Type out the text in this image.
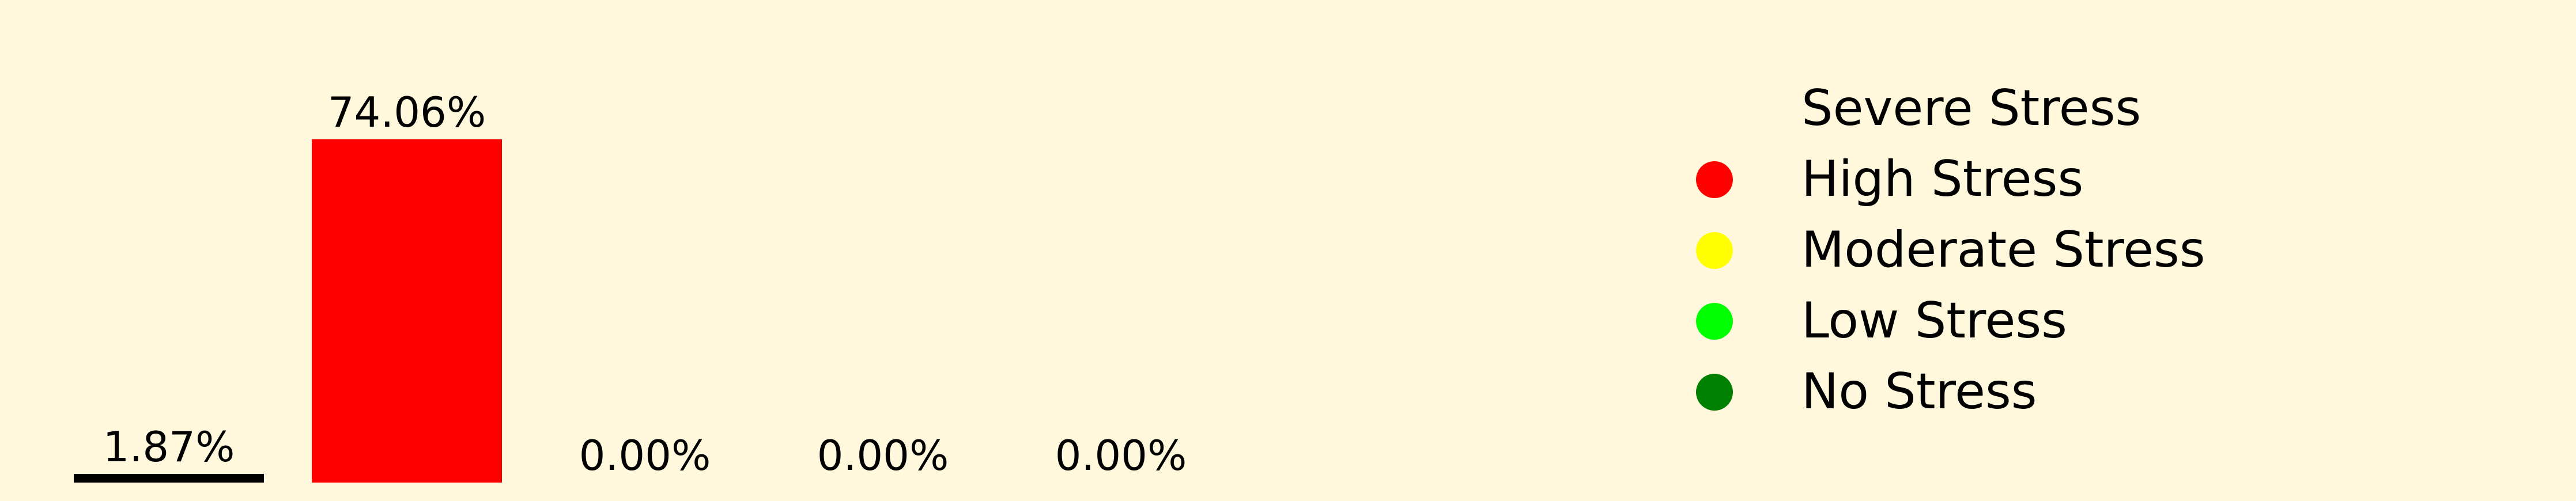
1.87%
74.06%
0.00%	0.00%	0.00%
Severe Stress
High Stress
Moderate Stress
Low Stress
No Stress
